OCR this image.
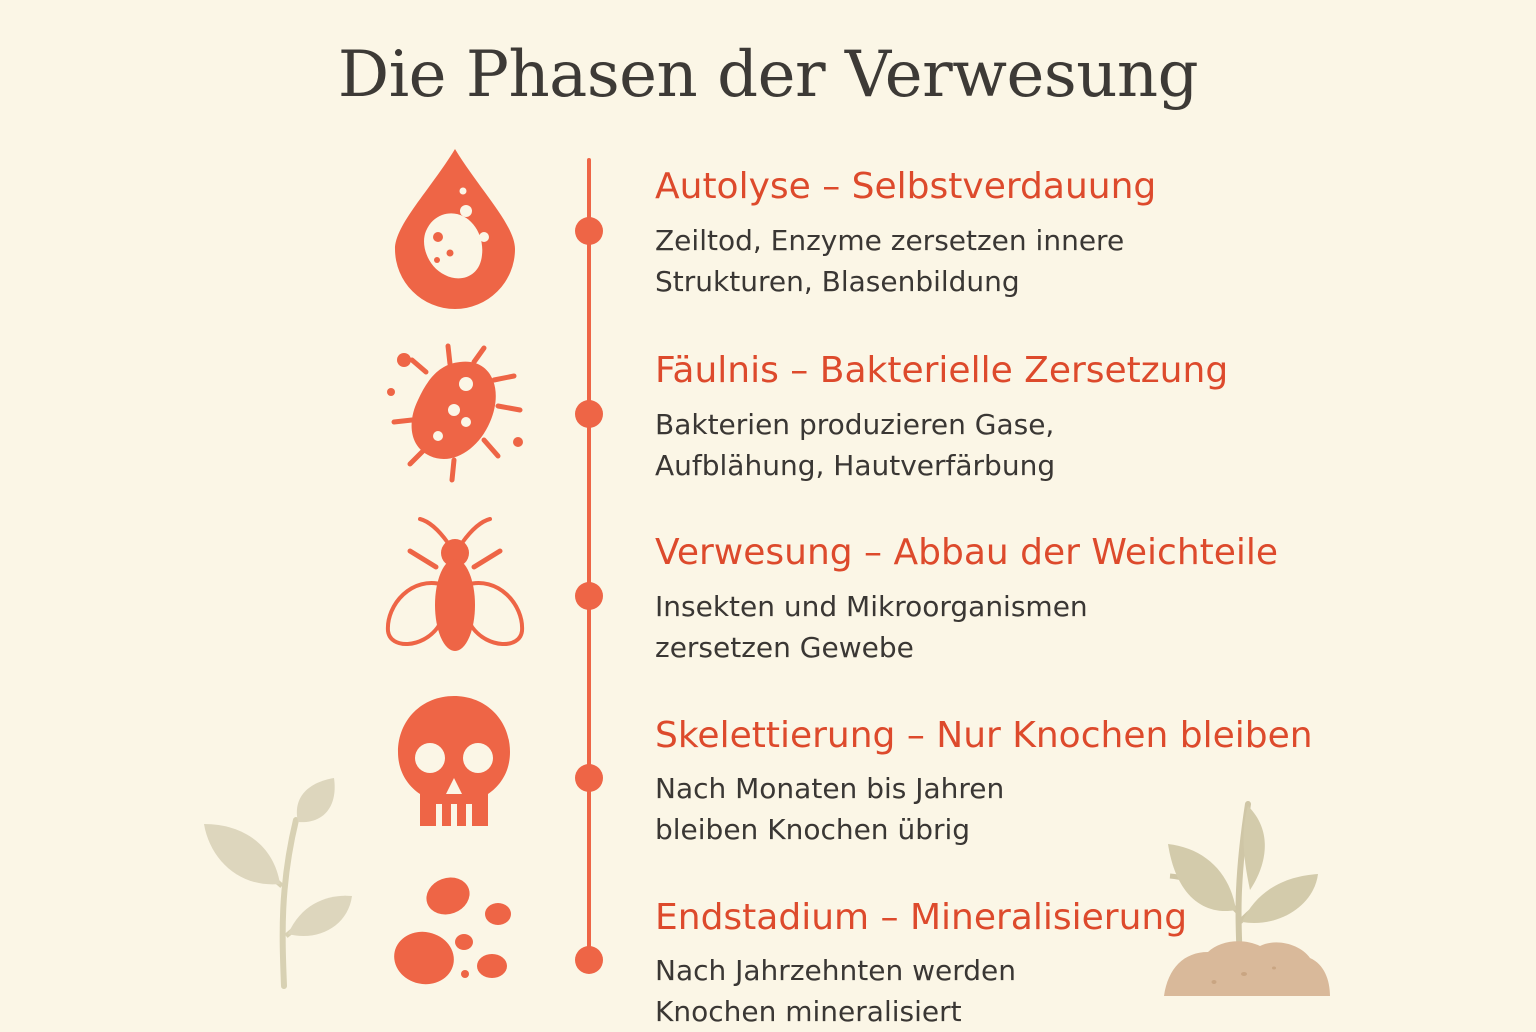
Die Phasen der Verwesung
Autolyse – Selbstverdauung
Zeiltod, Enzyme zersetzen innere
Strukturen, Blasenbildung
Fäulnis – Bakterielle Zersetzung
Bakterien produzieren Gase,
Aufblähung, Hautverfärbung
Verwesung – Abbau der Weichteile
Insekten und Mikroorganismen
zersetzen Gewebe
Skelettierung – Nur Knochen bleiben
Nach Monaten bis Jahren
bleiben Knochen übrig
Endstadium – Mineralisierung
Nach Jahrzehnten werden
Knochen mineralisiert
